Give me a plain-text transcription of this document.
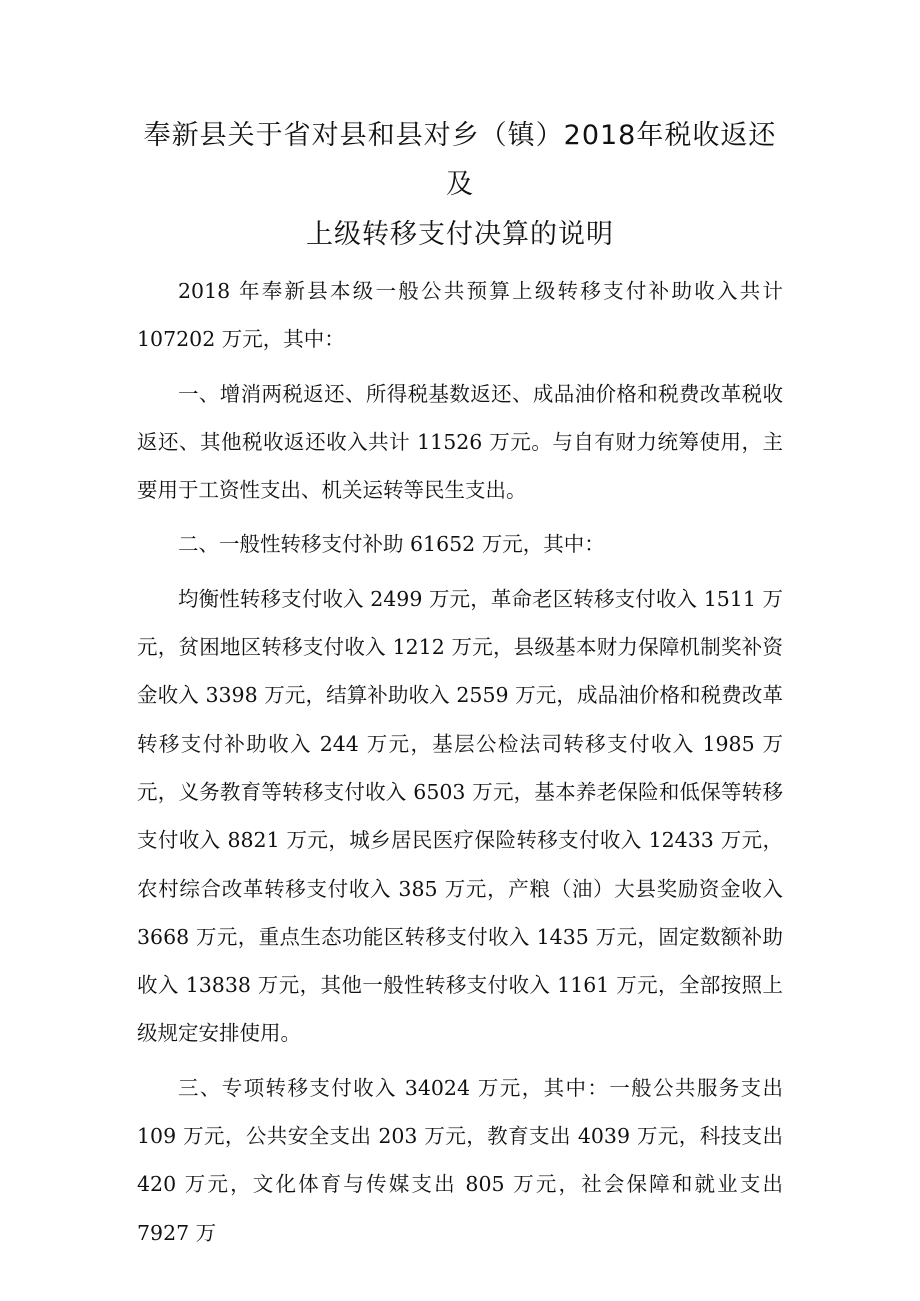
奉新县关于省对县和县对乡（镇）2018年税收返还
及
上级转移支付决算的说明

2018 年奉新县本级一般公共预算上级转移支付补助收入共计107202 万元，其中：

一、增消两税返还、所得税基数返还、成品油价格和税费改革税收返还、其他税收返还收入共计 11526 万元。与自有财力统筹使用，主要用于工资性支出、机关运转等民生支出。

二、一般性转移支付补助 61652 万元，其中：

均衡性转移支付收入 2499 万元，革命老区转移支付收入 1511 万元，贫困地区转移支付收入 1212 万元，县级基本财力保障机制奖补资金收入 3398 万元，结算补助收入 2559 万元，成品油价格和税费改革转移支付补助收入 244 万元，基层公检法司转移支付收入 1985 万元，义务教育等转移支付收入 6503 万元，基本养老保险和低保等转移支付收入 8821 万元，城乡居民医疗保险转移支付收入 12433 万元，农村综合改革转移支付收入 385 万元，产粮（油）大县奖励资金收入 3668 万元，重点生态功能区转移支付收入 1435 万元，固定数额补助收入 13838 万元，其他一般性转移支付收入 1161 万元，全部按照上级规定安排使用。

三、专项转移支付收入 34024 万元，其中：一般公共服务支出 109 万元，公共安全支出 203 万元，教育支出 4039 万元，科技支出 420 万元，文化体育与传媒支出 805 万元，社会保障和就业支出 7927 万
